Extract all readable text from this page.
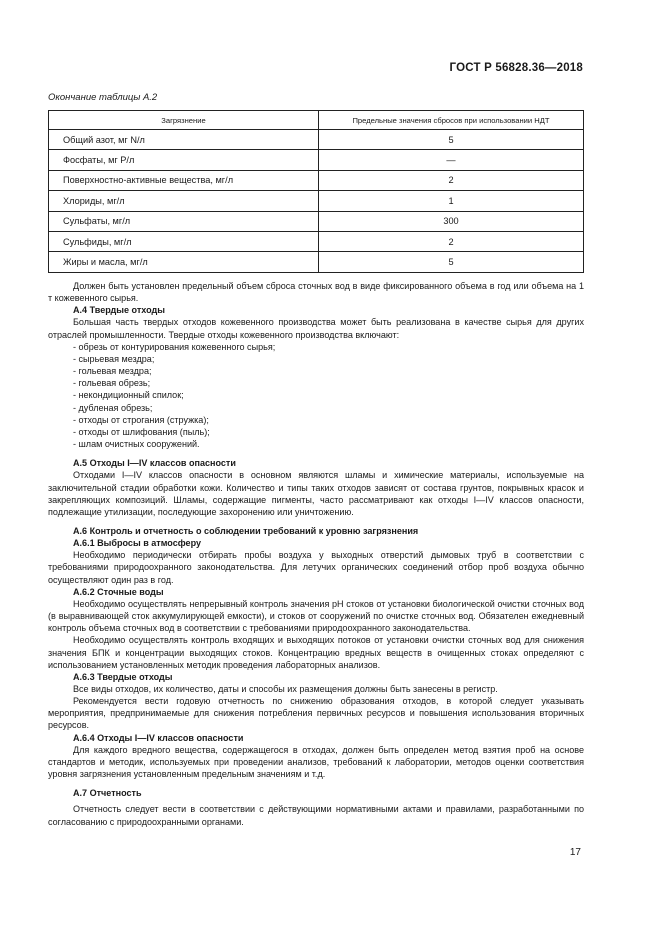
ГОСТ Р 56828.36—2018
Окончание таблицы А.2
Загрязнение	Предельные значения сбросов при использовании НДТ
Общий азот, мг N/л	5
Фосфаты, мг Р/л	—
Поверхностно-активные вещества, мг/л	2
Хлориды, мг/л	1
Сульфаты, мг/л	300
Сульфиды, мг/л	2
Жиры и масла, мг/л	5

Должен быть установлен предельный объем сброса сточных вод в виде фиксированного объема в год или объема на 1 т кожевенного сырья.

А.4 Твердые отходы

Большая часть твердых отходов кожевенного производства может быть реализована в качестве сырья для других отраслей промышленности. Твердые отходы кожевенного производства включают:

- обрезь от контурирования кожевенного сырья;
- сырьевая мездра;
- гольевая мездра;
- гольевая обрезь;
- некондиционный спилок;
- дубленая обрезь;
- отходы от строгания (стружка);
- отходы от шлифования (пыль);
- шлам очистных сооружений.
А.5 Отходы I—IV классов опасности

Отходами I—IV классов опасности в основном являются шламы и химические материалы, используемые на заключительной стадии обработки кожи. Количество и типы таких отходов зависят от состава грунтов, покрывных красок и закрепляющих композиций. Шламы, содержащие пигменты, часто рассматривают как отходы I—IV классов опасности, подлежащие утилизации, последующие захоронению или уничтожению.

А.6 Контроль и отчетность о соблюдении требований к уровню загрязнения
А.6.1 Выбросы в атмосферу

Необходимо периодически отбирать пробы воздуха у выходных отверстий дымовых труб в соответствии с требованиями природоохранного законодательства. Для летучих органических соединений отбор проб воздуха обычно осуществляют один раз в год.

А.6.2 Сточные воды

Необходимо осуществлять непрерывный контроль значения pH стоков от установки биологической очистки сточных вод (в выравнивающей сток аккумулирующей емкости), и стоков от сооружений по очистке сточных вод. Обязателен ежедневный контроль объема сточных вод в соответствии с требованиями природоохранного законодательства.

Необходимо осуществлять контроль входящих и выходящих потоков от установки очистки сточных вод для снижения значения БПК и концентрации выходящих стоков. Концентрацию вредных веществ в очищенных стоках определяют с использованием установленных методик проведения лабораторных анализов.

А.6.3 Твердые отходы

Все виды отходов, их количество, даты и способы их размещения должны быть занесены в регистр.

Рекомендуется вести годовую отчетность по снижению образования отходов, в которой следует указывать мероприятия, предпринимаемые для снижения потребления первичных ресурсов и повышения использования вторичных ресурсов.

А.6.4 Отходы I—IV классов опасности

Для каждого вредного вещества, содержащегося в отходах, должен быть определен метод взятия проб на основе стандартов и методик, используемых при проведении анализов, требований к лаборатории, методов оценки соответствия уровня загрязнения установленным предельным значениям и т.д.

А.7 Отчетность

Отчетность следует вести в соответствии с действующими нормативными актами и правилами, разработанными по согласованию с природоохранными органами.

17
